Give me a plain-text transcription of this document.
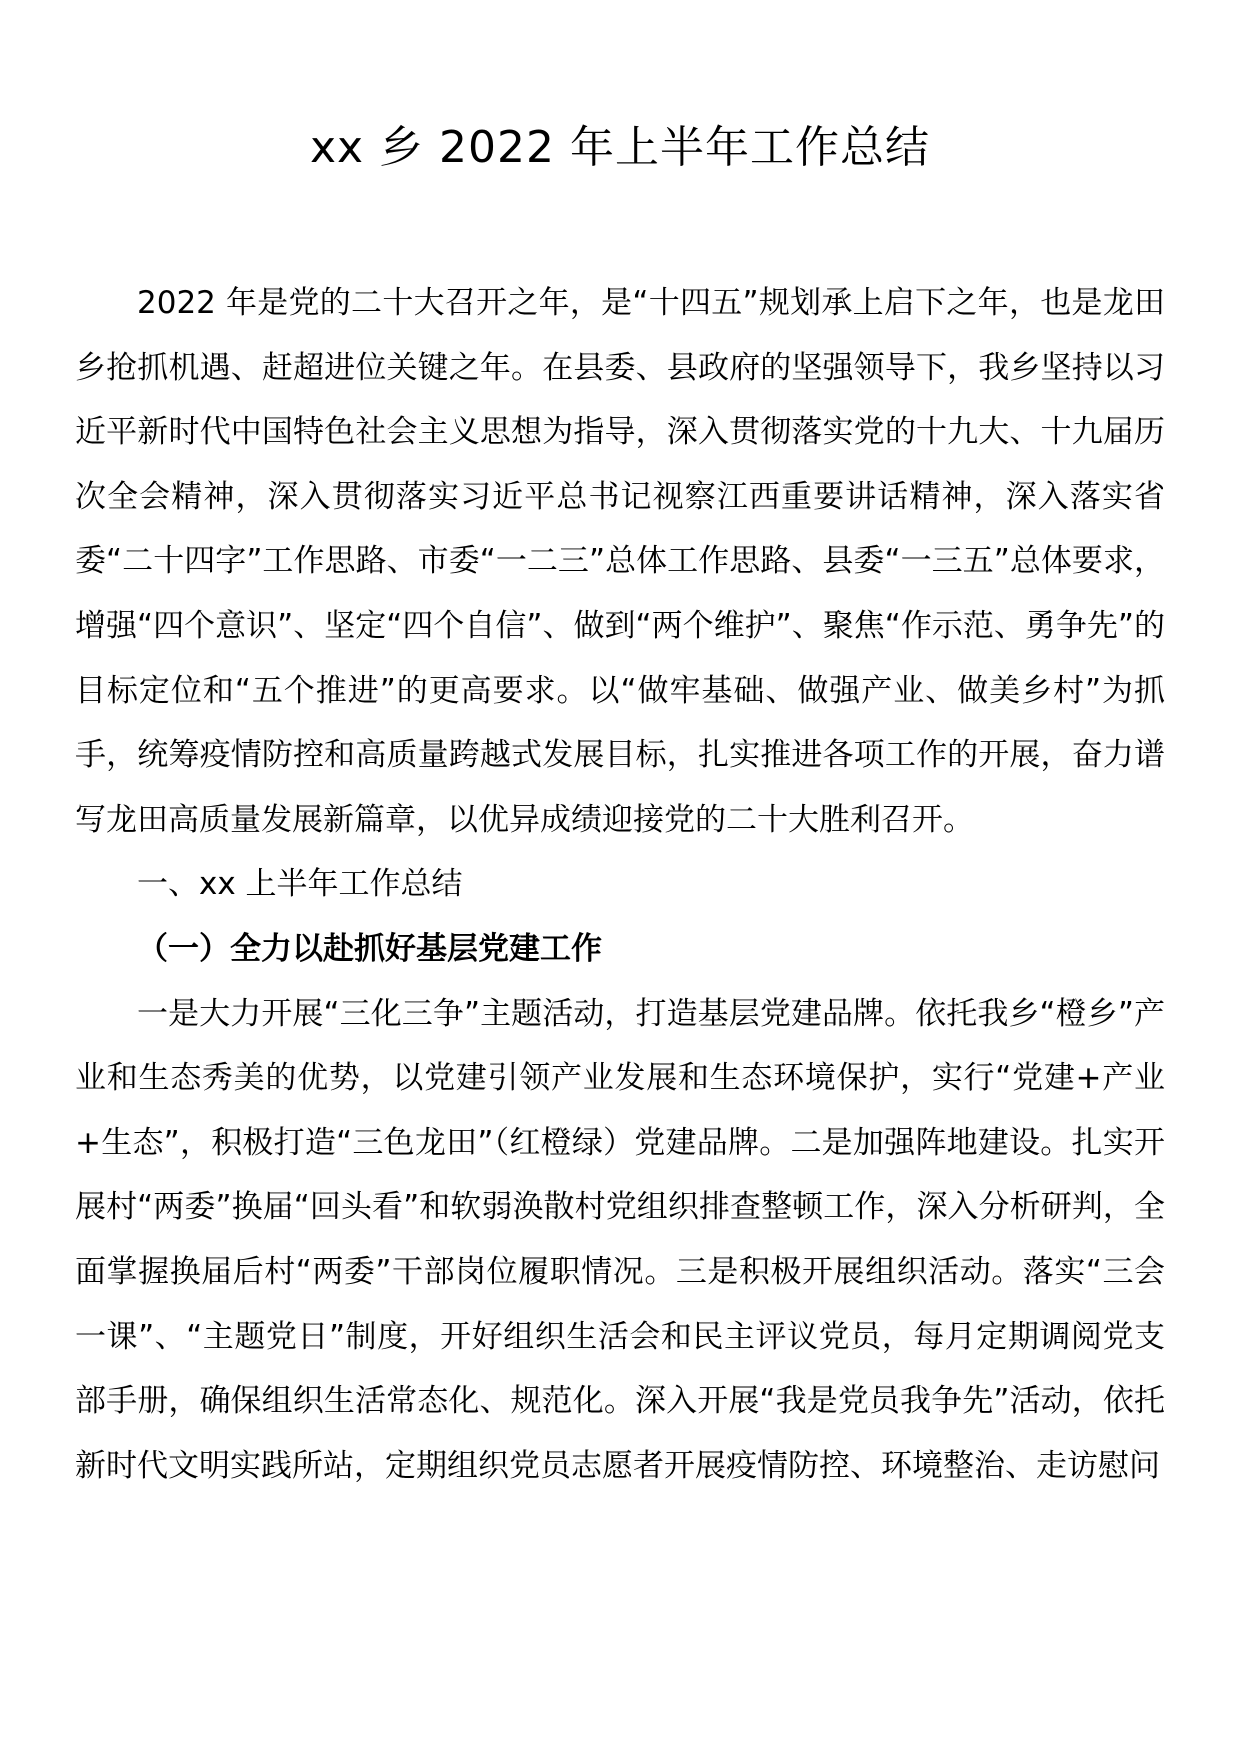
xx 乡 2022 年上半年工作总结

2022 年是党的二十大召开之年，是“十四五”规划承上启下之年，也是龙田乡抢抓机遇、赶超进位关键之年。在县委、县政府的坚强领导下，我乡坚持以习近平新时代中国特色社会主义思想为指导，深入贯彻落实党的十九大、十九届历次全会精神，深入贯彻落实习近平总书记视察江西重要讲话精神，深入落实省委“二十四字”工作思路、市委“一二三”总体工作思路、县委“一三五”总体要求，增强“四个意识”、坚定“四个自信”、做到“两个维护”、聚焦“作示范、勇争先”的目标定位和“五个推进”的更高要求。以“做牢基础、做强产业、做美乡村”为抓手，统筹疫情防控和高质量跨越式发展目标，扎实推进各项工作的开展，奋力谱写龙田高质量发展新篇章，以优异成绩迎接党的二十大胜利召开。

一、xx 上半年工作总结

（一）全力以赴抓好基层党建工作

一是大力开展“三化三争”主题活动，打造基层党建品牌。依托我乡“橙乡”产业和生态秀美的优势，以党建引领产业发展和生态环境保护，实行“党建+产业+生态”，积极打造“三色龙田”（红橙绿）党建品牌。二是加强阵地建设。扎实开展村“两委”换届“回头看”和软弱涣散村党组织排查整顿工作，深入分析研判，全面掌握换届后村“两委”干部岗位履职情况。三是积极开展组织活动。落实“三会一课”、“主题党日”制度，开好组织生活会和民主评议党员，每月定期调阅党支部手册，确保组织生活常态化、规范化。深入开展“我是党员我争先”活动，依托新时代文明实践所站，定期组织党员志愿者开展疫情防控、环境整治、走访慰问
